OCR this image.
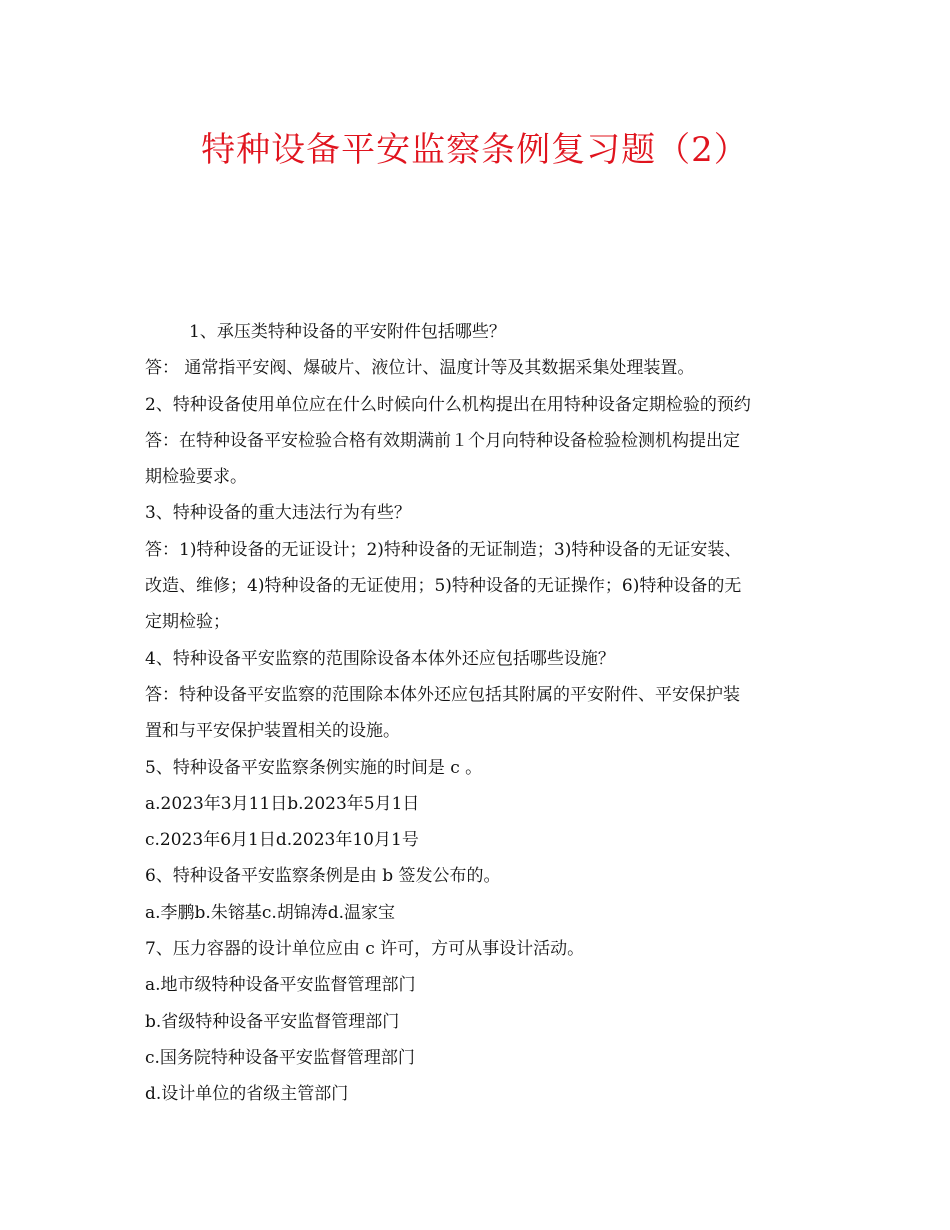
特种设备平安监察条例复习题（2）
1、承压类特种设备的平安附件包括哪些？
答： 通常指平安阀、爆破片、液位计、温度计等及其数据采集处理装置。
2、特种设备使用单位应在什么时候向什么机构提出在用特种设备定期检验的预约
答：在特种设备平安检验合格有效期满前１个月向特种设备检验检测机构提出定
期检验要求。
3、特种设备的重大违法行为有些？
答：1)特种设备的无证设计；2)特种设备的无证制造；3)特种设备的无证安装、
改造、维修；4)特种设备的无证使用；5)特种设备的无证操作；6)特种设备的无
定期检验；
4、特种设备平安监察的范围除设备本体外还应包括哪些设施？
答：特种设备平安监察的范围除本体外还应包括其附属的平安附件、平安保护装
置和与平安保护装置相关的设施。
5、特种设备平安监察条例实施的时间是 c 。
a.2023年3月11日b.2023年5月1日
c.2023年6月1日d.2023年10月1号
6、特种设备平安监察条例是由 b 签发公布的。
a.李鹏b.朱镕基c.胡锦涛d.温家宝
7、压力容器的设计单位应由 c 许可，方可从事设计活动。
a.地市级特种设备平安监督管理部门
b.省级特种设备平安监督管理部门
c.国务院特种设备平安监督管理部门
d.设计单位的省级主管部门
